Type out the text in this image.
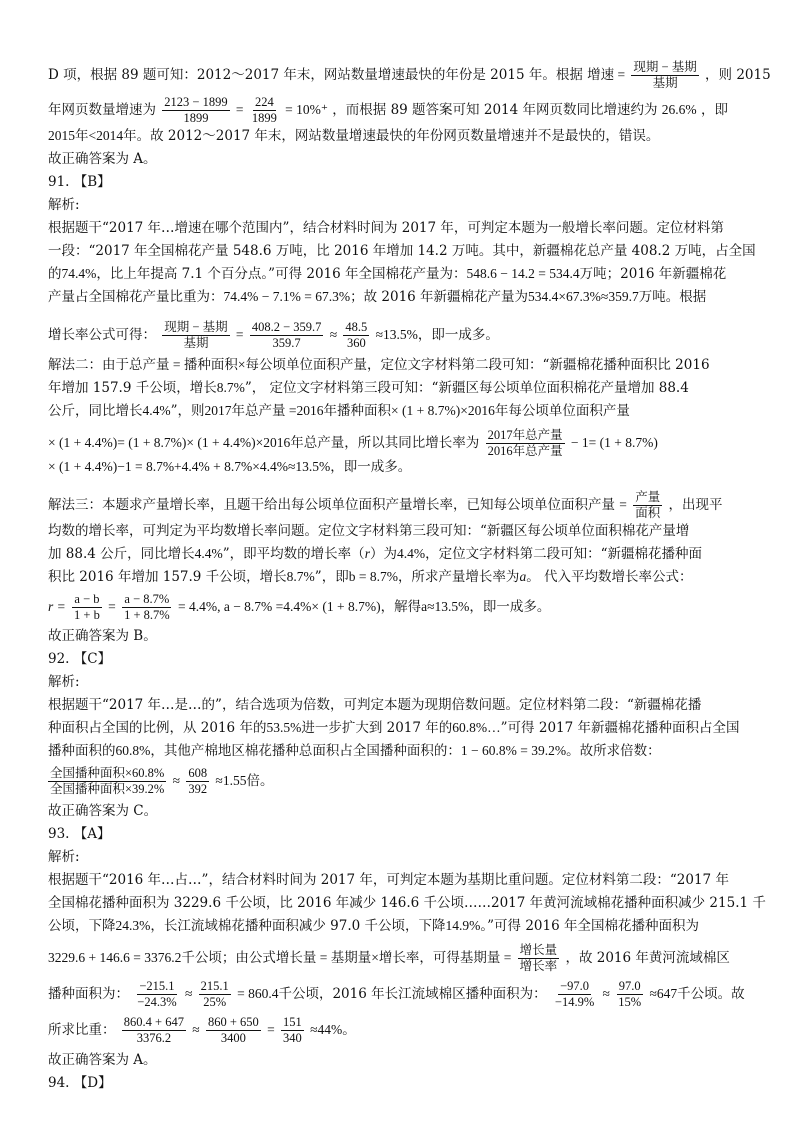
D 项，根据 89 题可知：2012～2017 年末，网站数量增速最快的年份是 2015 年。根据 增速 = $\frac{\text{现期 − 基期}}{\text{基期}}$ ，则 2015
年网页数量增速为 $\frac{2123 - 1899}{1899} = \frac{224}{1899} = 10\%^+$ ，而根据 89 题答案可知 2014 年网页数同比增速约为 26.6% ，即
2015年<2014年。故 2012～2017 年末，网站数量增速最快的年份网页数量增速并不是最快的，错误。
故正确答案为 A。
91. 【B】
解析:
根据题干“2017 年…增速在哪个范围内”，结合材料时间为 2017 年，可判定本题为一般增长率问题。定位材料第
一段：“2017 年全国棉花产量 548.6 万吨，比 2016 年增加 14.2 万吨。其中，新疆棉花总产量 408.2 万吨，占全国
的74.4%，比上年提高 7.1 个百分点。”可得 2016 年全国棉花产量为：548.6 − 14.2 = 534.4万吨；2016 年新疆棉花
产量占全国棉花产量比重为：74.4% − 7.1% = 67.3%；故 2016 年新疆棉花产量为534.4×67.3%≈359.7万吨。根据
增长率公式可得： $\frac{\text{现期 − 基期}}{\text{基期}} = \frac{408.2 - 359.7}{359.7} \approx \frac{48.5}{360} \approx 13.5\%$，即一成多。
解法二：由于总产量 = 播种面积×每公顷单位面积产量，定位文字材料第二段可知：“新疆棉花播种面积比 2016
年增加 157.9 千公顷，增长8.7%”， 定位文字材料第三段可知：“新疆区每公顷单位面积棉花产量增加 88.4
公斤，同比增长4.4%”，则2017年总产量 =2016年播种面积× (1 + 8.7%)×2016年每公顷单位面积产量
× (1 + 4.4%)= (1 + 8.7%)× (1 + 4.4%)×2016年总产量，所以其同比增长率为 $\frac{\text{2017年总产量}}{\text{2016年总产量}} - 1= (1 + 8.7\%)$
× (1 + 4.4%)−1 = 8.7%+4.4% + 8.7%×4.4%≈13.5%，即一成多。
解法三：本题求产量增长率，且题干给出每公顷单位面积产量增长率，已知每公顷单位面积产量 = $\frac{\text{产量}}{\text{面积}}$ ，出现平
均数的增长率，可判定为平均数增长率问题。定位文字材料第三段可知：“新疆区每公顷单位面积棉花产量增
加 88.4 公斤，同比增长4.4%”，即平均数的增长率（r）为4.4%，定位文字材料第二段可知：“新疆棉花播种面
积比 2016 年增加 157.9 千公顷，增长8.7%”，即b = 8.7%，所求产量增长率为a。 代入平均数增长率公式：
$r = \frac{a - b}{1 + b} = \frac{a - 8.7\%}{1 + 8.7\%} = 4.4\%$, a − 8.7% =4.4%× (1 + 8.7%)，解得a≈13.5%，即一成多。
故正确答案为 B。
92. 【C】
解析:
根据题干“2017 年…是…的”，结合选项为倍数，可判定本题为现期倍数问题。定位材料第二段：“新疆棉花播
种面积占全国的比例，从 2016 年的53.5%进一步扩大到 2017 年的60.8%…”可得 2017 年新疆棉花播种面积占全国
播种面积的60.8%，其他产棉地区棉花播种总面积占全国播种面积的：1 − 60.8% = 39.2%。故所求倍数：
$\frac{\text{全国播种面积×60.8\%}}{\text{全国播种面积×39.2\%}} \approx \frac{608}{392} \approx 1.55$倍。
故正确答案为 C。
93. 【A】
解析:
根据题干“2016 年…占…”，结合材料时间为 2017 年，可判定本题为基期比重问题。定位材料第二段：“2017 年
全国棉花播种面积为 3229.6 千公顷，比 2016 年减少 146.6 千公顷……2017 年黄河流域棉花播种面积减少 215.1 千
公顷，下降24.3%，长江流域棉花播种面积减少 97.0 千公顷，下降14.9%。”可得 2016 年全国棉花播种面积为
3229.6 + 146.6 = 3376.2千公顷；由公式增长量 = 基期量×增长率，可得基期量 = $\frac{\text{增长量}}{\text{增长率}}$ ，故 2016 年黄河流域棉区
播种面积为： $\frac{-215.1}{-24.3\%} \approx \frac{215.1}{25\%} = 860.4$千公顷，2016 年长江流域棉区播种面积为： $\frac{-97.0}{-14.9\%} \approx \frac{97.0}{15\%} \approx 647$千公顷。故
所求比重： $\frac{860.4 + 647}{3376.2} \approx \frac{860 + 650}{3400} = \frac{151}{340} \approx 44\%$。
故正确答案为 A。
94. 【D】
